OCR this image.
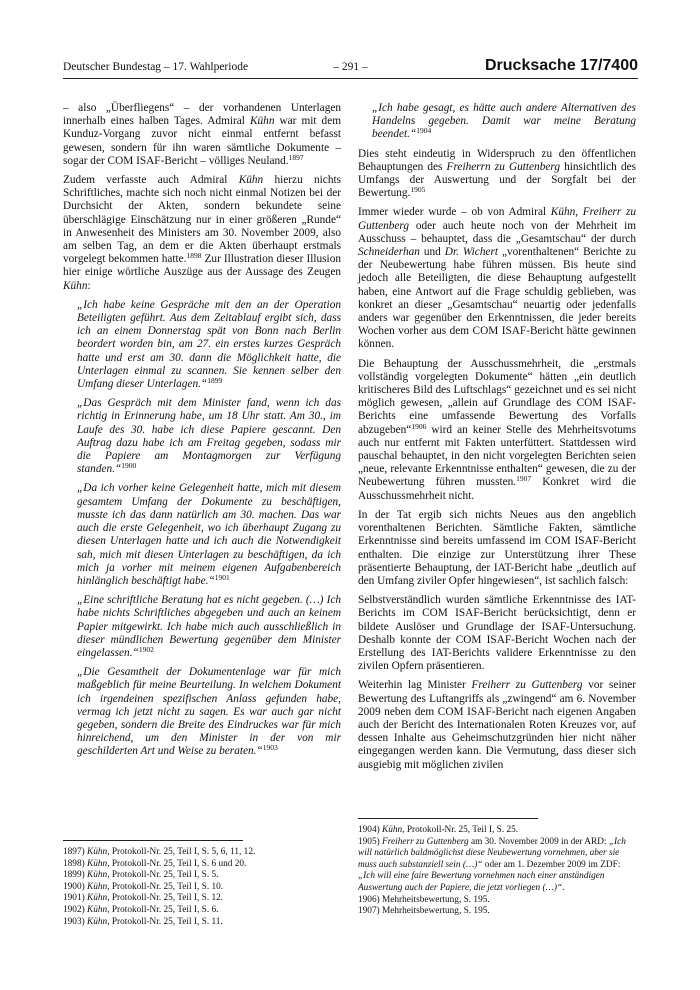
Deutscher Bundestag – 17. Wahlperiode	– 291 –	Drucksache 17/7400

– also „Überfliegens“ – der vorhandenen Unterlagen innerhalb eines halben Tages. Admiral Kühn war mit dem Kunduz-Vorgang zuvor nicht einmal entfernt befasst gewesen, sondern für ihn waren sämtliche Dokumente – sogar der COM ISAF-Bericht – völliges Neuland.$^{1897}$

Zudem verfasste auch Admiral Kühn hierzu nichts Schriftliches, machte sich noch nicht einmal Notizen bei der Durchsicht der Akten, sondern bekundete seine überschlägige Einschätzung nur in einer größeren „Runde“ in Anwesenheit des Ministers am 30. November 2009, also am selben Tag, an dem er die Akten überhaupt erstmals vorgelegt bekommen hatte.$^{1898}$ Zur Illustration dieser Illusion hier einige wörtliche Auszüge aus der Aussage des Zeugen Kühn:

„Ich habe keine Gespräche mit den an der Operation Beteiligten geführt. Aus dem Zeitablauf ergibt sich, dass ich an einem Donnerstag spät von Bonn nach Berlin beordert worden bin, am 27. ein erstes kurzes Gespräch hatte und erst am 30. dann die Möglichkeit hatte, die Unterlagen einmal zu scannen. Sie kennen selber den Umfang dieser Unterlagen.“$^{1899}$

„Das Gespräch mit dem Minister fand, wenn ich das richtig in Erinnerung habe, um 18 Uhr statt. Am 30., im Laufe des 30. habe ich diese Papiere gescannt. Den Auftrag dazu habe ich am Freitag gegeben, sodass mir die Papiere am Montagmorgen zur Verfügung standen.“$^{1900}$

„Da ich vorher keine Gelegenheit hatte, mich mit diesem gesamtem Umfang der Dokumente zu beschäftigen, musste ich das dann natürlich am 30. machen. Das war auch die erste Gelegenheit, wo ich überhaupt Zugang zu diesen Unterlagen hatte und ich auch die Notwendigkeit sah, mich mit diesen Unterlagen zu beschäftigen, da ich mich ja vorher mit meinem eigenen Aufgabenbereich hinlänglich beschäftigt habe.“$^{1901}$

„Eine schriftliche Beratung hat es nicht gegeben. (…) Ich habe nichts Schriftliches abgegeben und auch an keinem Papier mitgewirkt. Ich habe mich auch ausschließlich in dieser mündlichen Bewertung gegenüber dem Minister eingelassen.“$^{1902}$

„Die Gesamtheit der Dokumentenlage war für mich maßgeblich für meine Beurteilung. In welchem Dokument ich irgendeinen spezifischen Anlass gefunden habe, vermag ich jetzt nicht zu sagen. Es war auch gar nicht gegeben, sondern die Breite des Eindruckes war für mich hinreichend, um den Minister in der von mir geschilderten Art und Weise zu beraten.“$^{1903}$

1897) Kühn, Protokoll-Nr. 25, Teil I, S. 5, 6, 11, 12.

1898) Kühn, Protokoll-Nr. 25, Teil I, S. 6 und 20.

1899) Kühn, Protokoll-Nr. 25, Teil I, S. 5.

1900) Kühn, Protokoll-Nr. 25, Teil I, S. 10.

1901) Kühn, Protokoll-Nr. 25, Teil I, S. 12.

1902) Kühn, Protokoll-Nr. 25, Teil I, S. 6.

1903) Kühn, Protokoll-Nr. 25, Teil I, S. 11.

„Ich habe gesagt, es hätte auch andere Alternativen des Handelns gegeben. Damit war meine Beratung beendet.“$^{1904}$

Dies steht eindeutig in Widerspruch zu den öffentlichen Behauptungen des Freiherrn zu Guttenberg hinsichtlich des Umfangs der Auswertung und der Sorgfalt bei der Bewertung.$^{1905}$

Immer wieder wurde – ob von Admiral Kühn, Freiherr zu Guttenberg oder auch heute noch von der Mehrheit im Ausschuss – behauptet, dass die „Gesamtschau“ der durch Schneiderhan und Dr. Wichert „vorenthaltenen“ Berichte zu der Neubewertung habe führen müssen. Bis heute sind jedoch alle Beteiligten, die diese Behauptung aufgestellt haben, eine Antwort auf die Frage schuldig geblieben, was konkret an dieser „Gesamtschau“ neuartig oder jedenfalls anders war gegenüber den Erkenntnissen, die jeder bereits Wochen vorher aus dem COM ISAF-Bericht hätte gewinnen können.

Die Behauptung der Ausschussmehrheit, die „erstmals vollständig vorgelegten Dokumente“ hätten „ein deutlich kritischeres Bild des Luftschlags“ gezeichnet und es sei nicht möglich gewesen, „allein auf Grundlage des COM ISAF-Berichts eine umfassende Bewertung des Vorfalls abzugeben“$^{1906}$ wird an keiner Stelle des Mehrheitsvotums auch nur entfernt mit Fakten unterfüttert. Stattdessen wird pauschal behauptet, in den nicht vorgelegten Berichten seien „neue, relevante Erkenntnisse enthalten“ gewesen, die zu der Neubewertung führen mussten.$^{1907}$ Konkret wird die Ausschussmehrheit nicht.

In der Tat ergib sich nichts Neues aus den angeblich vorenthaltenen Berichten. Sämtliche Fakten, sämtliche Erkenntnisse sind bereits umfassend im COM ISAF-Bericht enthalten. Die einzige zur Unterstützung ihrer These präsentierte Behauptung, der IAT-Bericht habe „deutlich auf den Umfang ziviler Opfer hingewiesen“, ist sachlich falsch:

Selbstverständlich wurden sämtliche Erkenntnisse des IAT-Berichts im COM ISAF-Bericht berücksichtigt, denn er bildete Auslöser und Grundlage der ISAF-Untersuchung. Deshalb konnte der COM ISAF-Bericht Wochen nach der Erstellung des IAT-Berichts validere Erkenntnisse zu den zivilen Opfern präsentieren.

Weiterhin lag Minister Freiherr zu Guttenberg vor seiner Bewertung des Luftangriffs als „zwingend“ am 6. November 2009 neben dem COM ISAF-Bericht nach eigenen Angaben auch der Bericht des Internationalen Roten Kreuzes vor, auf dessen Inhalte aus Geheimschutzgründen hier nicht näher eingegangen werden kann. Die Vermutung, dass dieser sich ausgiebig mit möglichen zivilen

1904) Kühn, Protokoll-Nr. 25, Teil I, S. 25.

1905) Freiherr zu Guttenberg am 30. November 2009 in der ARD: „Ich will natürlich baldmöglichst diese Neubewertung vornehmen, aber sie muss auch substanziell sein (…)“ oder am 1. Dezember 2009 im ZDF: „Ich will eine faire Bewertung vornehmen nach einer anständigen Auswertung auch der Papiere, die jetzt vorliegen (…)“.

1906) Mehrheitsbewertung, S. 195.

1907) Mehrheitsbewertung, S. 195.
